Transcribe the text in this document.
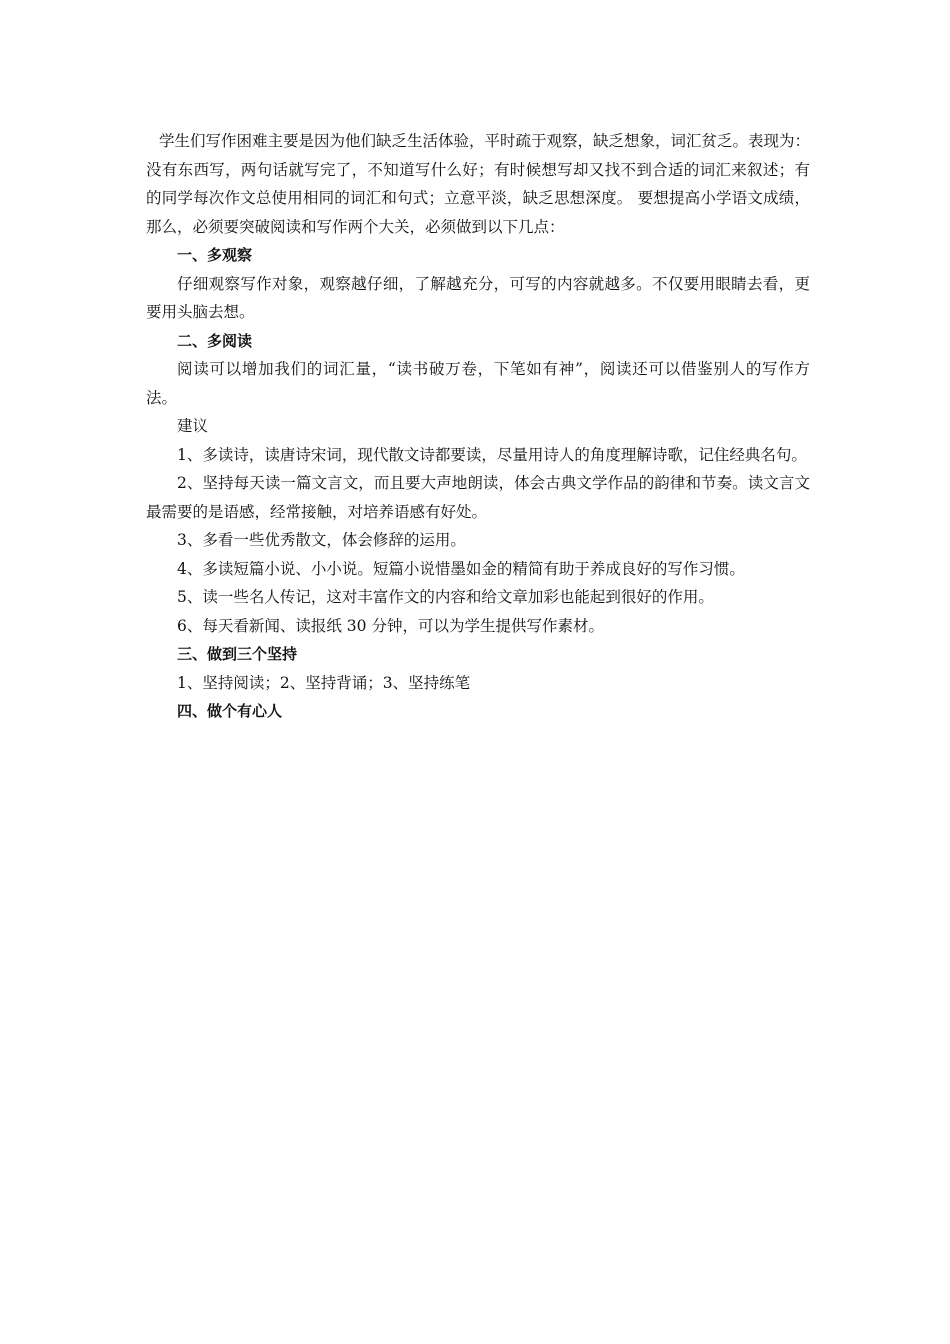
学生们写作困难主要是因为他们缺乏生活体验，平时疏于观察，缺乏想象，词汇贫乏。表现为：没有东西写，两句话就写完了，不知道写什么好；有时候想写却又找不到合适的词汇来叙述；有的同学每次作文总使用相同的词汇和句式；立意平淡，缺乏思想深度。 要想提高小学语文成绩，那么，必须要突破阅读和写作两个大关，必须做到以下几点：

一、多观察

仔细观察写作对象，观察越仔细，了解越充分，可写的内容就越多。不仅要用眼睛去看，更要用头脑去想。

二、多阅读

阅读可以增加我们的词汇量，“读书破万卷，下笔如有神”，阅读还可以借鉴别人的写作方法。

建议

1、多读诗，读唐诗宋词，现代散文诗都要读，尽量用诗人的角度理解诗歌，记住经典名句。

2、坚持每天读一篇文言文，而且要大声地朗读，体会古典文学作品的韵律和节奏。读文言文最需要的是语感，经常接触，对培养语感有好处。

3、多看一些优秀散文，体会修辞的运用。

4、多读短篇小说、小小说。短篇小说惜墨如金的精简有助于养成良好的写作习惯。

5、读一些名人传记，这对丰富作文的内容和给文章加彩也能起到很好的作用。

6、每天看新闻、读报纸 30 分钟，可以为学生提供写作素材。

三、做到三个坚持

1、坚持阅读；2、坚持背诵；3、坚持练笔

四、做个有心人
